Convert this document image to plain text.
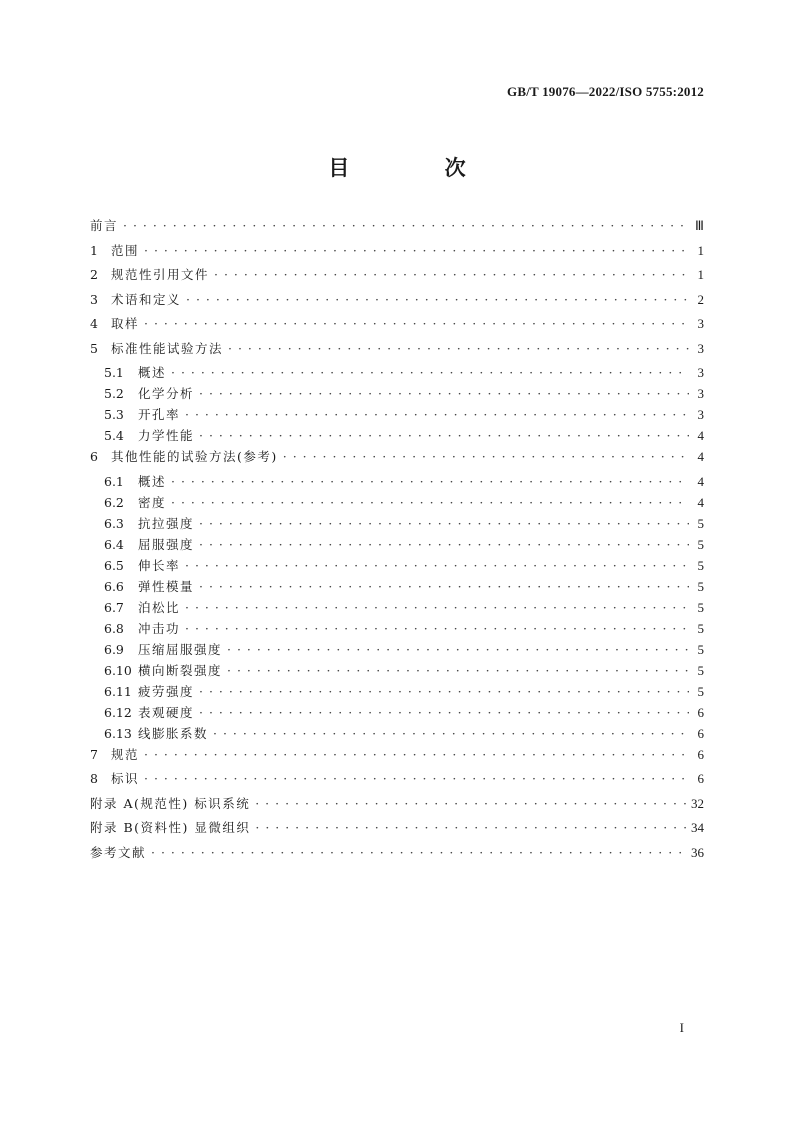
GB/T 19076—2022/ISO 5755:2012
目 次
前言 · · ·	Ⅲ
1	范围 · · ·	1
2	规范性引用文件 · · ·	1
3	术语和定义 · · ·	2
4	取样 · · ·	3
5	标准性能试验方法 · · ·	3
5.1	概述 · · ·	3
5.2	化学分析 · · ·	3
5.3	开孔率 · · ·	3
5.4	力学性能 · · ·	4
6	其他性能的试验方法(参考) · · ·	4
6.1	概述 · · ·	4
6.2	密度 · · ·	4
6.3	抗拉强度 · · ·	5
6.4	屈服强度 · · ·	5
6.5	伸长率 · · ·	5
6.6	弹性模量 · · ·	5
6.7	泊松比 · · ·	5
6.8	冲击功 · · ·	5
6.9	压缩屈服强度 · · ·	5
6.10 横向断裂强度 · · ·	5
6.11 疲劳强度 · · ·	5
6.12 表观硬度 · · ·	6
6.13 线膨胀系数 · · ·	6
7	规范 · · ·	6
8	标识 · · ·	6
附录 A(规范性) 标识系统 · · ·	32
附录 B(资料性) 显微组织 · · ·	34
参考文献 · · ·	36
I
